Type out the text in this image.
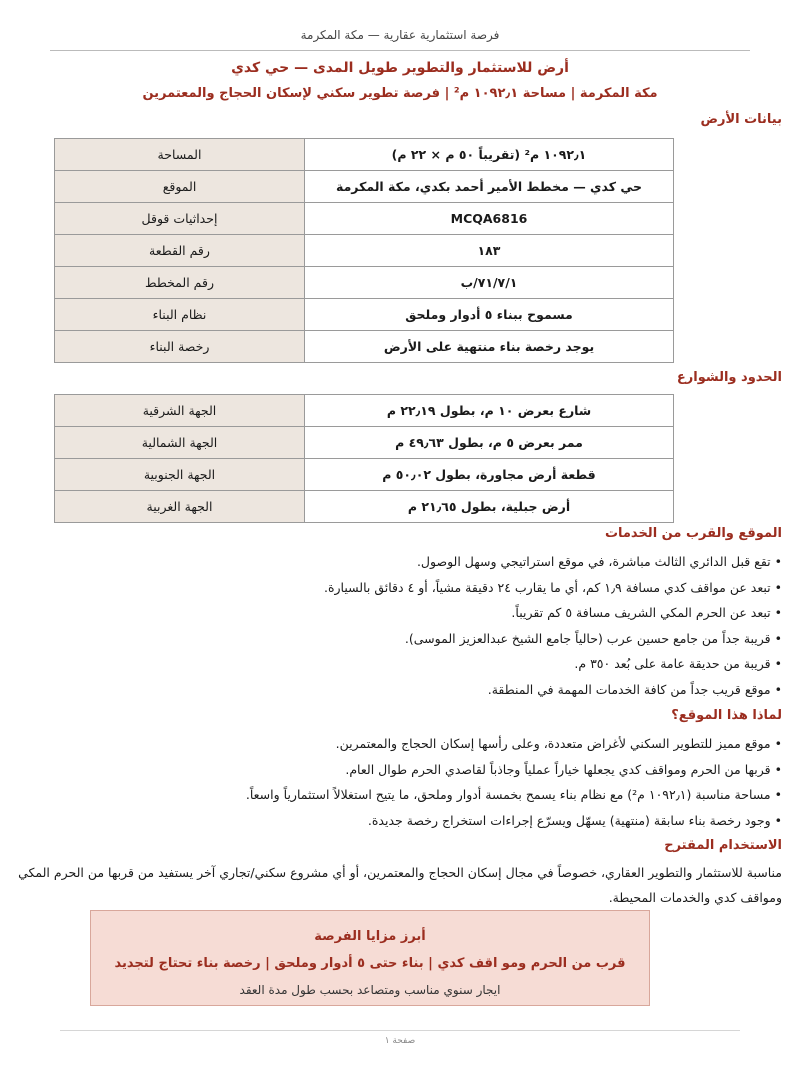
فرصة استثمارية عقارية — مكة المكرمة
أرض للاستثمار والتطوير طويل المدى — حي كدي
مكة المكرمة | مساحة ١٠٩٢٫١ م² | فرصة تطوير سكني لإسكان الحجاج والمعتمرين
بيانات الأرض
١٠٩٢٫١ م² (تقريباً ٥٠ م × ٢٢ م)	المساحة
حي كدي — مخطط الأمير أحمد بكدي، مكة المكرمة	الموقع
MCQA6816	إحداثيات قوقل
١٨٣	رقم القطعة
٧١/٧/١/ب	رقم المخطط
مسموح ببناء ٥ أدوار وملحق	نظام البناء
يوجد رخصة بناء منتهية على الأرض	رخصة البناء
الحدود والشوارع
شارع بعرض ١٠ م، بطول ٢٢٫١٩ م	الجهة الشرقية
ممر بعرض ٥ م، بطول ٤٩٫٦٣ م	الجهة الشمالية
قطعة أرض مجاورة، بطول ٥٠٫٠٢ م	الجهة الجنوبية
أرض جبلية، بطول ٢١٫٦٥ م	الجهة الغربية
الموقع والقرب من الخدمات
• تقع قبل الدائري الثالث مباشرة، في موقع استراتيجي وسهل الوصول.
• تبعد عن مواقف كدي مسافة ١٫٩ كم، أي ما يقارب ٢٤ دقيقة مشياً، أو ٤ دقائق بالسيارة.
• تبعد عن الحرم المكي الشريف مسافة ٥ كم تقريباً.
• قريبة جداً من جامع حسين عرب (حالياً جامع الشيخ عبدالعزيز الموسى).
• قريبة من حديقة عامة على بُعد ٣٥٠ م.
• موقع قريب جداً من كافة الخدمات المهمة في المنطقة.
لماذا هذا الموقع؟
• موقع مميز للتطوير السكني لأغراض متعددة، وعلى رأسها إسكان الحجاج والمعتمرين.
• قربها من الحرم ومواقف كدي يجعلها خياراً عملياً وجاذباً لقاصدي الحرم طوال العام.
• مساحة مناسبة (١٠٩٢٫١ م²) مع نظام بناء يسمح بخمسة أدوار وملحق، ما يتيح استغلالاً استثمارياً واسعاً.
• وجود رخصة بناء سابقة (منتهية) يسهّل ويسرّع إجراءات استخراج رخصة جديدة.
الاستخدام المقترح
مناسبة للاستثمار والتطوير العقاري، خصوصاً في مجال إسكان الحجاج والمعتمرين، أو أي مشروع سكني/تجاري آخر يستفيد من قربها من الحرم المكي ومواقف كدي والخدمات المحيطة.
أبرز مزايا الفرصة
قرب من الحرم ومو اقف كدي | بناء حتى ٥ أدوار وملحق | رخصة بناء تحتاج لتجديد
ايجار سنوي مناسب ومتصاعد بحسب طول مدة العقد
صفحة ١
